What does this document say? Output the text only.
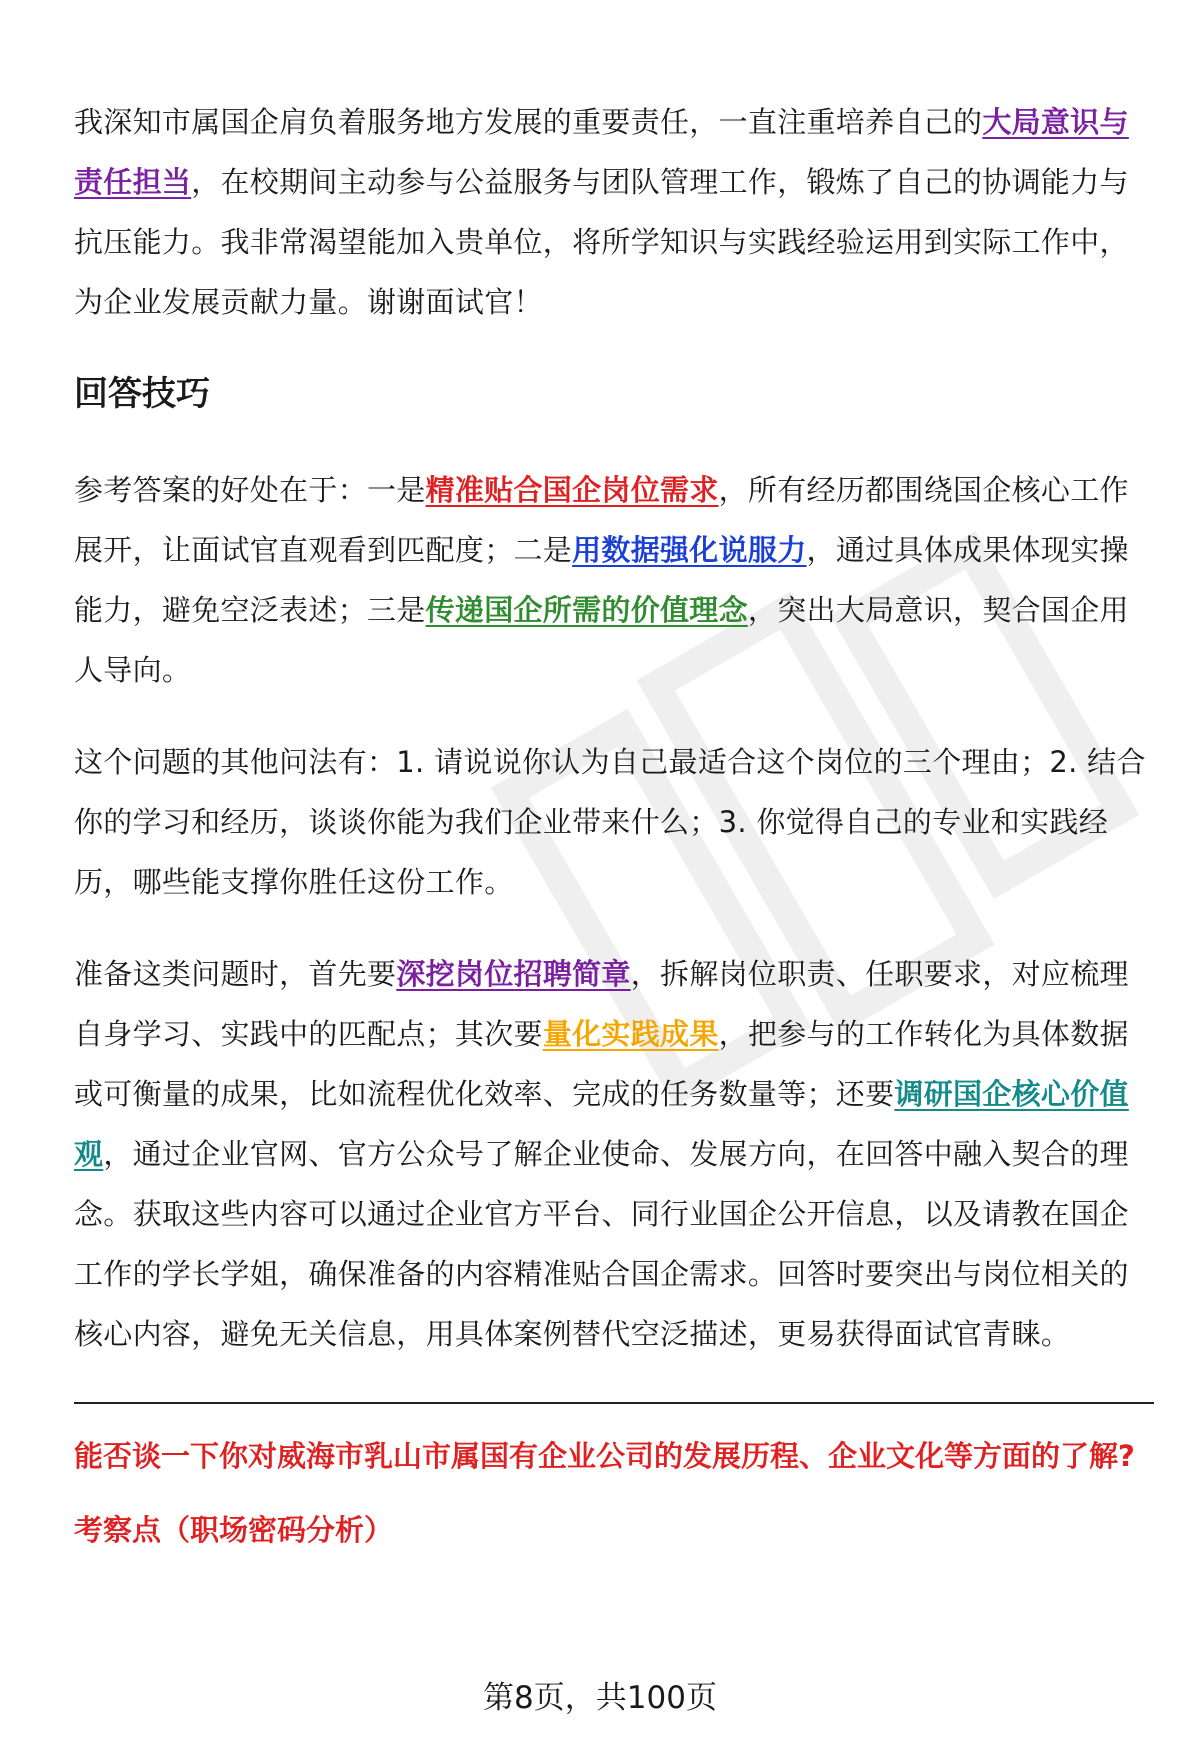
我深知市属国企肩负着服务地方发展的重要责任，一直注重培养自己的大局意识与责任担当，在校期间主动参与公益服务与团队管理工作，锻炼了自己的协调能力与抗压能力。我非常渴望能加入贵单位，将所学知识与实践经验运用到实际工作中，为企业发展贡献力量。谢谢面试官！

回答技巧

参考答案的好处在于：一是精准贴合国企岗位需求，所有经历都围绕国企核心工作展开，让面试官直观看到匹配度；二是用数据强化说服力，通过具体成果体现实操能力，避免空泛表述；三是传递国企所需的价值理念，突出大局意识，契合国企用人导向。

这个问题的其他问法有：1. 请说说你认为自己最适合这个岗位的三个理由；2. 结合你的学习和经历，谈谈你能为我们企业带来什么；3. 你觉得自己的专业和实践经历，哪些能支撑你胜任这份工作。

准备这类问题时，首先要深挖岗位招聘简章，拆解岗位职责、任职要求，对应梳理自身学习、实践中的匹配点；其次要量化实践成果，把参与的工作转化为具体数据或可衡量的成果，比如流程优化效率、完成的任务数量等；还要调研国企核心价值观，通过企业官网、官方公众号了解企业使命、发展方向，在回答中融入契合的理念。获取这些内容可以通过企业官方平台、同行业国企公开信息，以及请教在国企工作的学长学姐，确保准备的内容精准贴合国企需求。回答时要突出与岗位相关的核心内容，避免无关信息，用具体案例替代空泛描述，更易获得面试官青睐。

能否谈一下你对威海市乳山市属国有企业公司的发展历程、企业文化等方面的了解?

考察点（职场密码分析）

第8页，共100页
